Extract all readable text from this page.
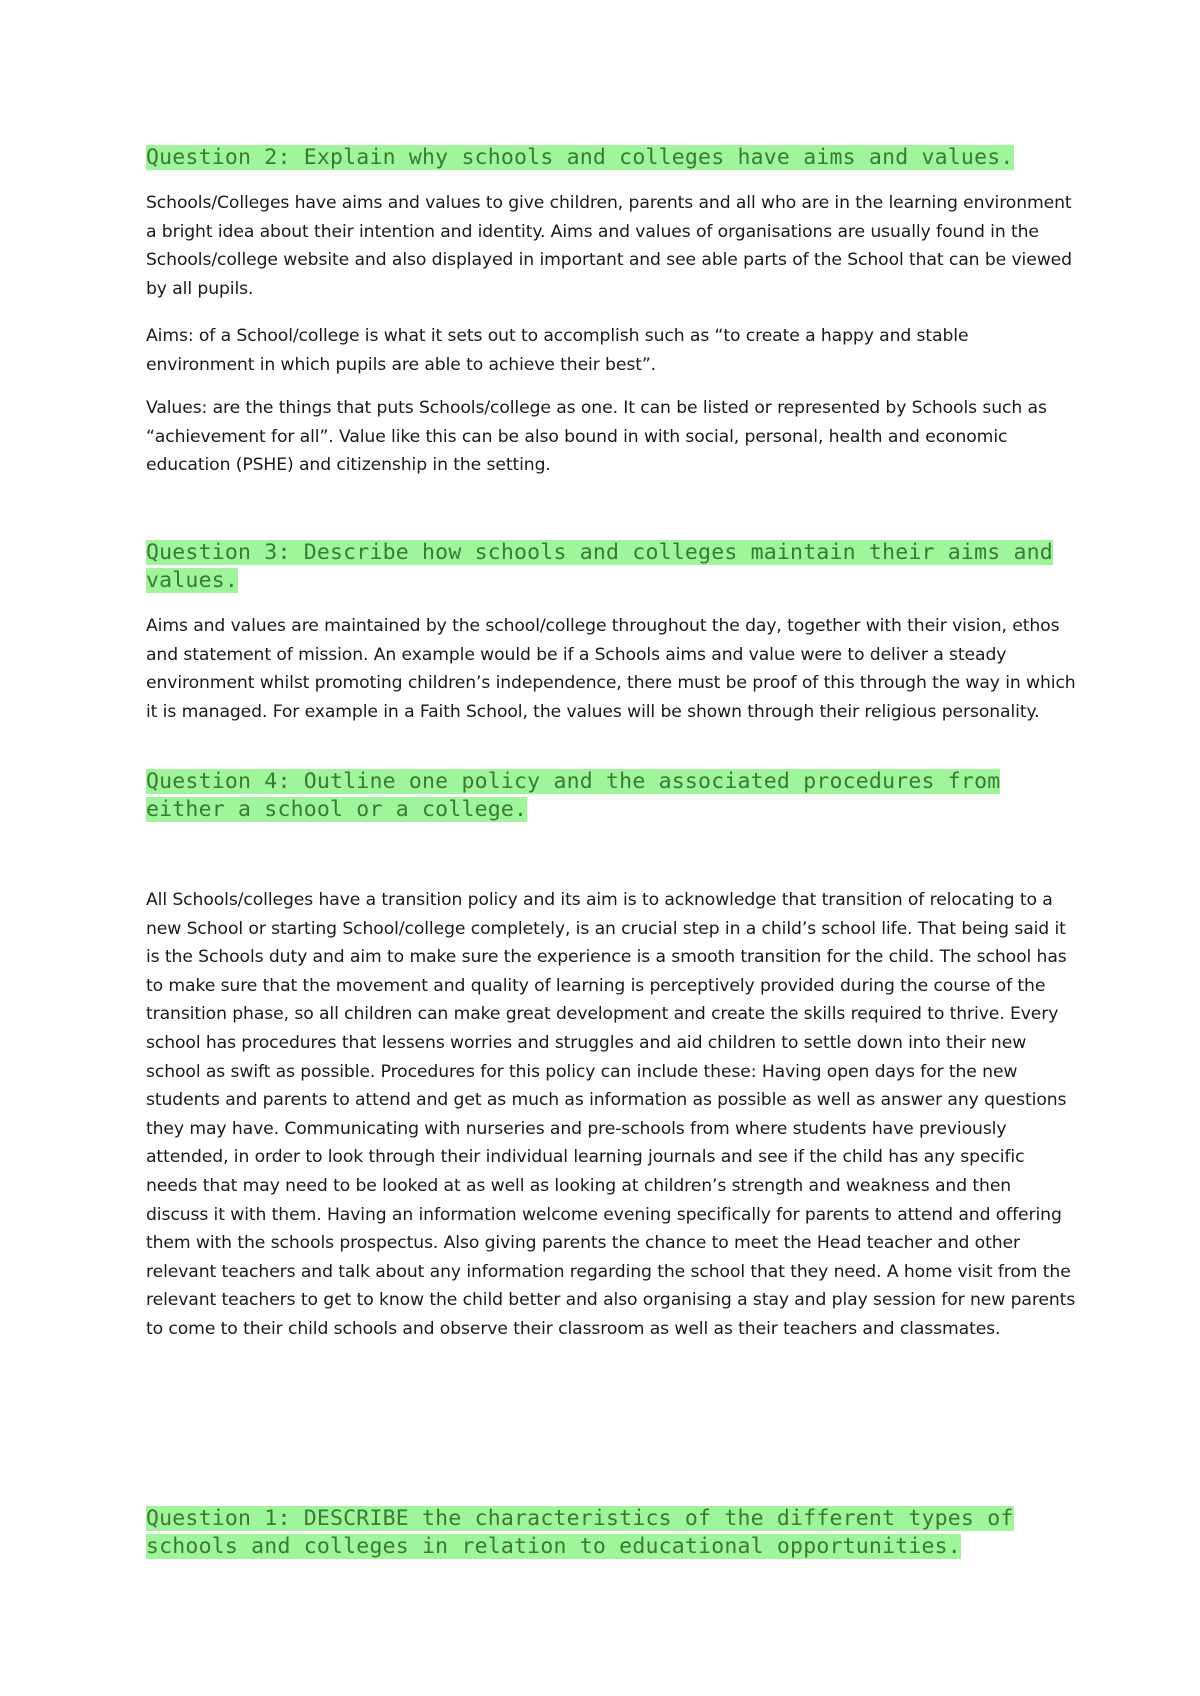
Question 2: Explain why schools and colleges have aims and values.

Schools/Colleges have aims and values to give children, parents and all who are in the learning environment a bright idea about their intention and identity. Aims and values of organisations are usually found in the Schools/college website and also displayed in important and see able parts of the School that can be viewed by all pupils.

Aims: of a School/college is what it sets out to accomplish such as “to create a happy and stable environment in which pupils are able to achieve their best”.

Values: are the things that puts Schools/college as one. It can be listed or represented by Schools such as “achievement for all”. Value like this can be also bound in with social, personal, health and economic education (PSHE) and citizenship in the setting.

Question 3: Describe how schools and colleges maintain their aims and values.

Aims and values are maintained by the school/college throughout the day, together with their vision, ethos and statement of mission. An example would be if a Schools aims and value were to deliver a steady environment whilst promoting children’s independence, there must be proof of this through the way in which it is managed. For example in a Faith School, the values will be shown through their religious personality.

Question 4: Outline one policy and the associated procedures from either a school or a college.

All Schools/colleges have a transition policy and its aim is to acknowledge that transition of relocating to a new School or starting School/college completely, is an crucial step in a child’s school life. That being said it is the Schools duty and aim to make sure the experience is a smooth transition for the child. The school has to make sure that the movement and quality of learning is perceptively provided during the course of the transition phase, so all children can make great development and create the skills required to thrive. Every school has procedures that lessens worries and struggles and aid children to settle down into their new school as swift as possible. Procedures for this policy can include these: Having open days for the new students and parents to attend and get as much as information as possible as well as answer any questions they may have. Communicating with nurseries and pre-schools from where students have previously attended, in order to look through their individual learning journals and see if the child has any specific needs that may need to be looked at as well as looking at children’s strength and weakness and then discuss it with them. Having an information welcome evening specifically for parents to attend and offering them with the schools prospectus. Also giving parents the chance to meet the Head teacher and other relevant teachers and talk about any information regarding the school that they need. A home visit from the relevant teachers to get to know the child better and also organising a stay and play session for new parents to come to their child schools and observe their classroom as well as their teachers and classmates.

Question 1: DESCRIBE the characteristics of the different types of schools and colleges in relation to educational opportunities.
